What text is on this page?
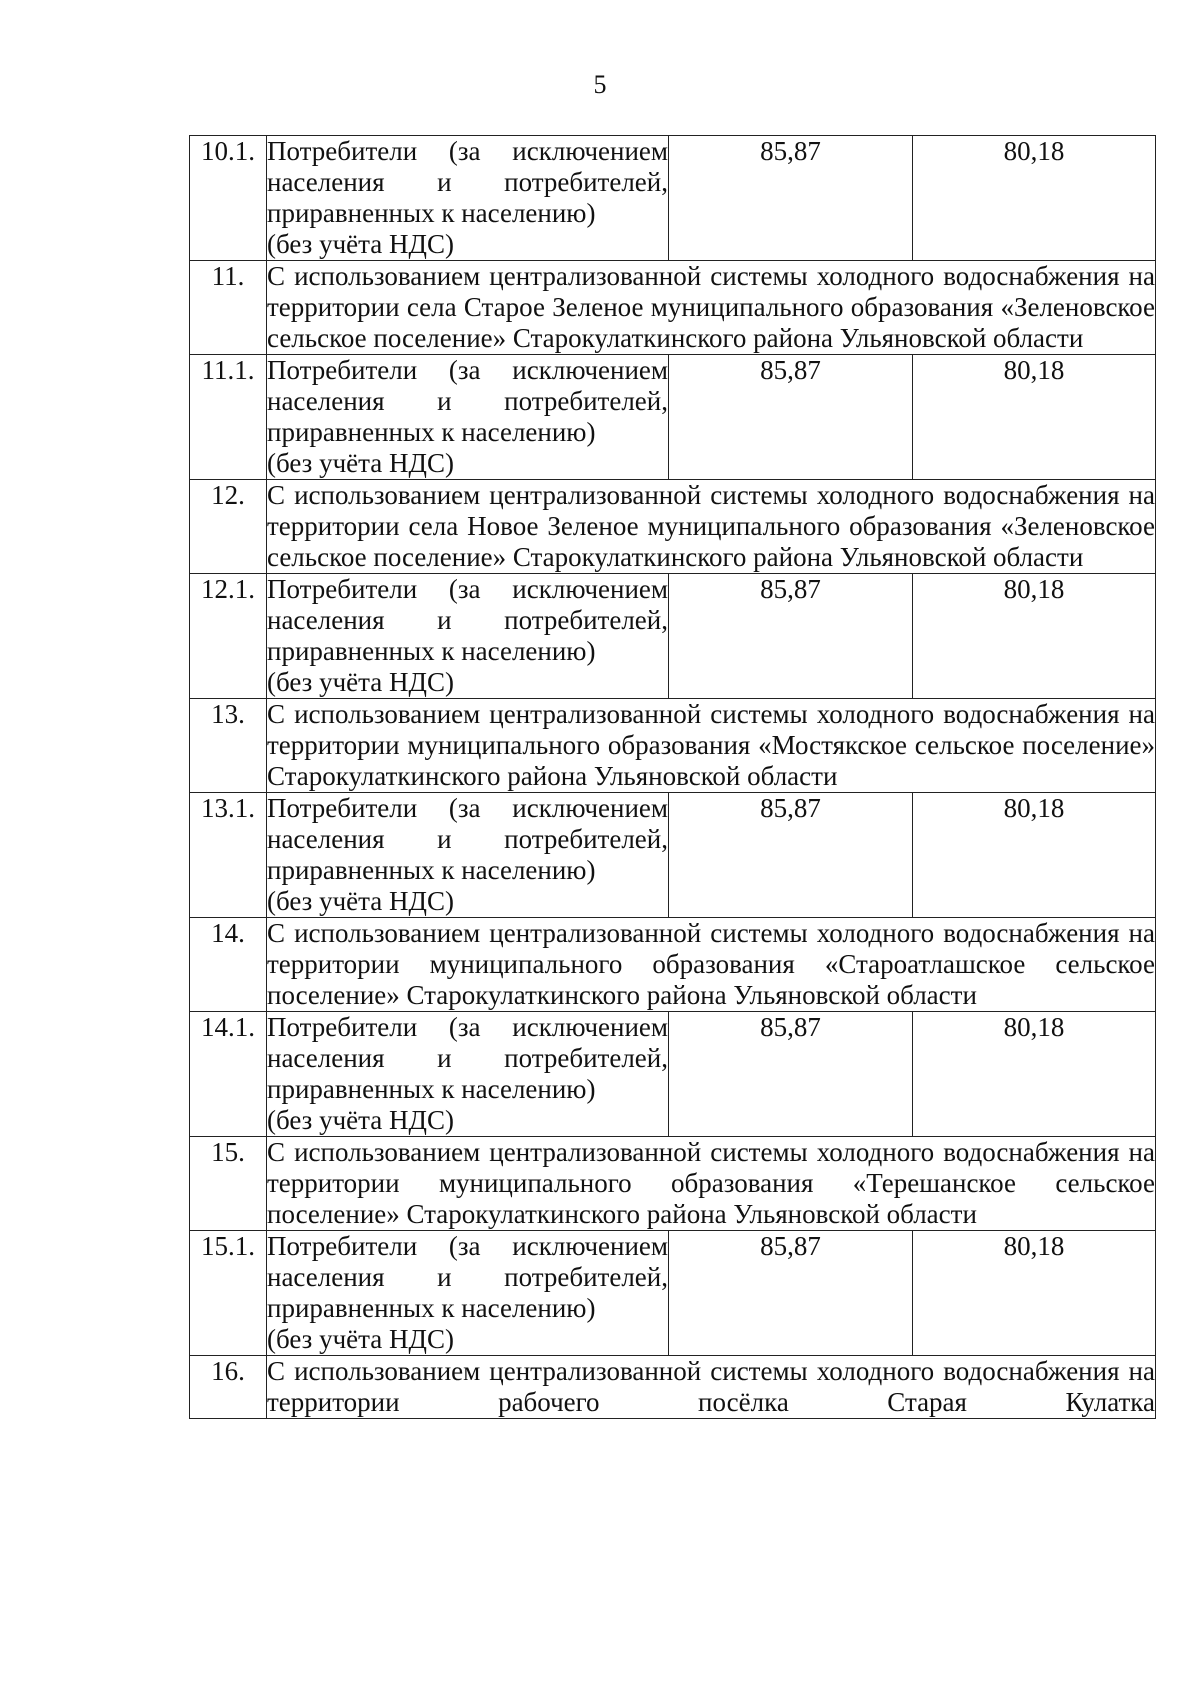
5
10.1.	Потребители (за исключением
населения и потребителей,
приравненных к населению)
(без учёта НДС)	85,87	80,18
11.	С использованием централизованной системы холодного водоснабжения на территории села Старое Зеленое муниципального образования «Зеленовское сельское поселение» Старокулаткинского района Ульяновской области		
11.1.	Потребители (за исключением
населения и потребителей,
приравненных к населению)
(без учёта НДС)	85,87	80,18
12.	С использованием централизованной системы холодного водоснабжения на территории села Новое Зеленое муниципального образования «Зеленовское сельское поселение» Старокулаткинского района Ульяновской области		
12.1.	Потребители (за исключением
населения и потребителей,
приравненных к населению)
(без учёта НДС)	85,87	80,18
13.	С использованием централизованной системы холодного водоснабжения на территории муниципального образования «Мостякское сельское поселение» Старокулаткинского района Ульяновской области		
13.1.	Потребители (за исключением
населения и потребителей,
приравненных к населению)
(без учёта НДС)	85,87	80,18
14.	С использованием централизованной системы холодного водоснабжения на территории муниципального образования «Староатлашское сельское поселение» Старокулаткинского района Ульяновской области		
14.1.	Потребители (за исключением
населения и потребителей,
приравненных к населению)
(без учёта НДС)	85,87	80,18
15.	С использованием централизованной системы холодного водоснабжения на территории муниципального образования «Терешанское сельское поселение» Старокулаткинского района Ульяновской области		
15.1.	Потребители (за исключением
населения и потребителей,
приравненных к населению)
(без учёта НДС)	85,87	80,18
16.	С использованием централизованной системы холодного водоснабжения на территории рабочего посёлка Старая Кулатка		
